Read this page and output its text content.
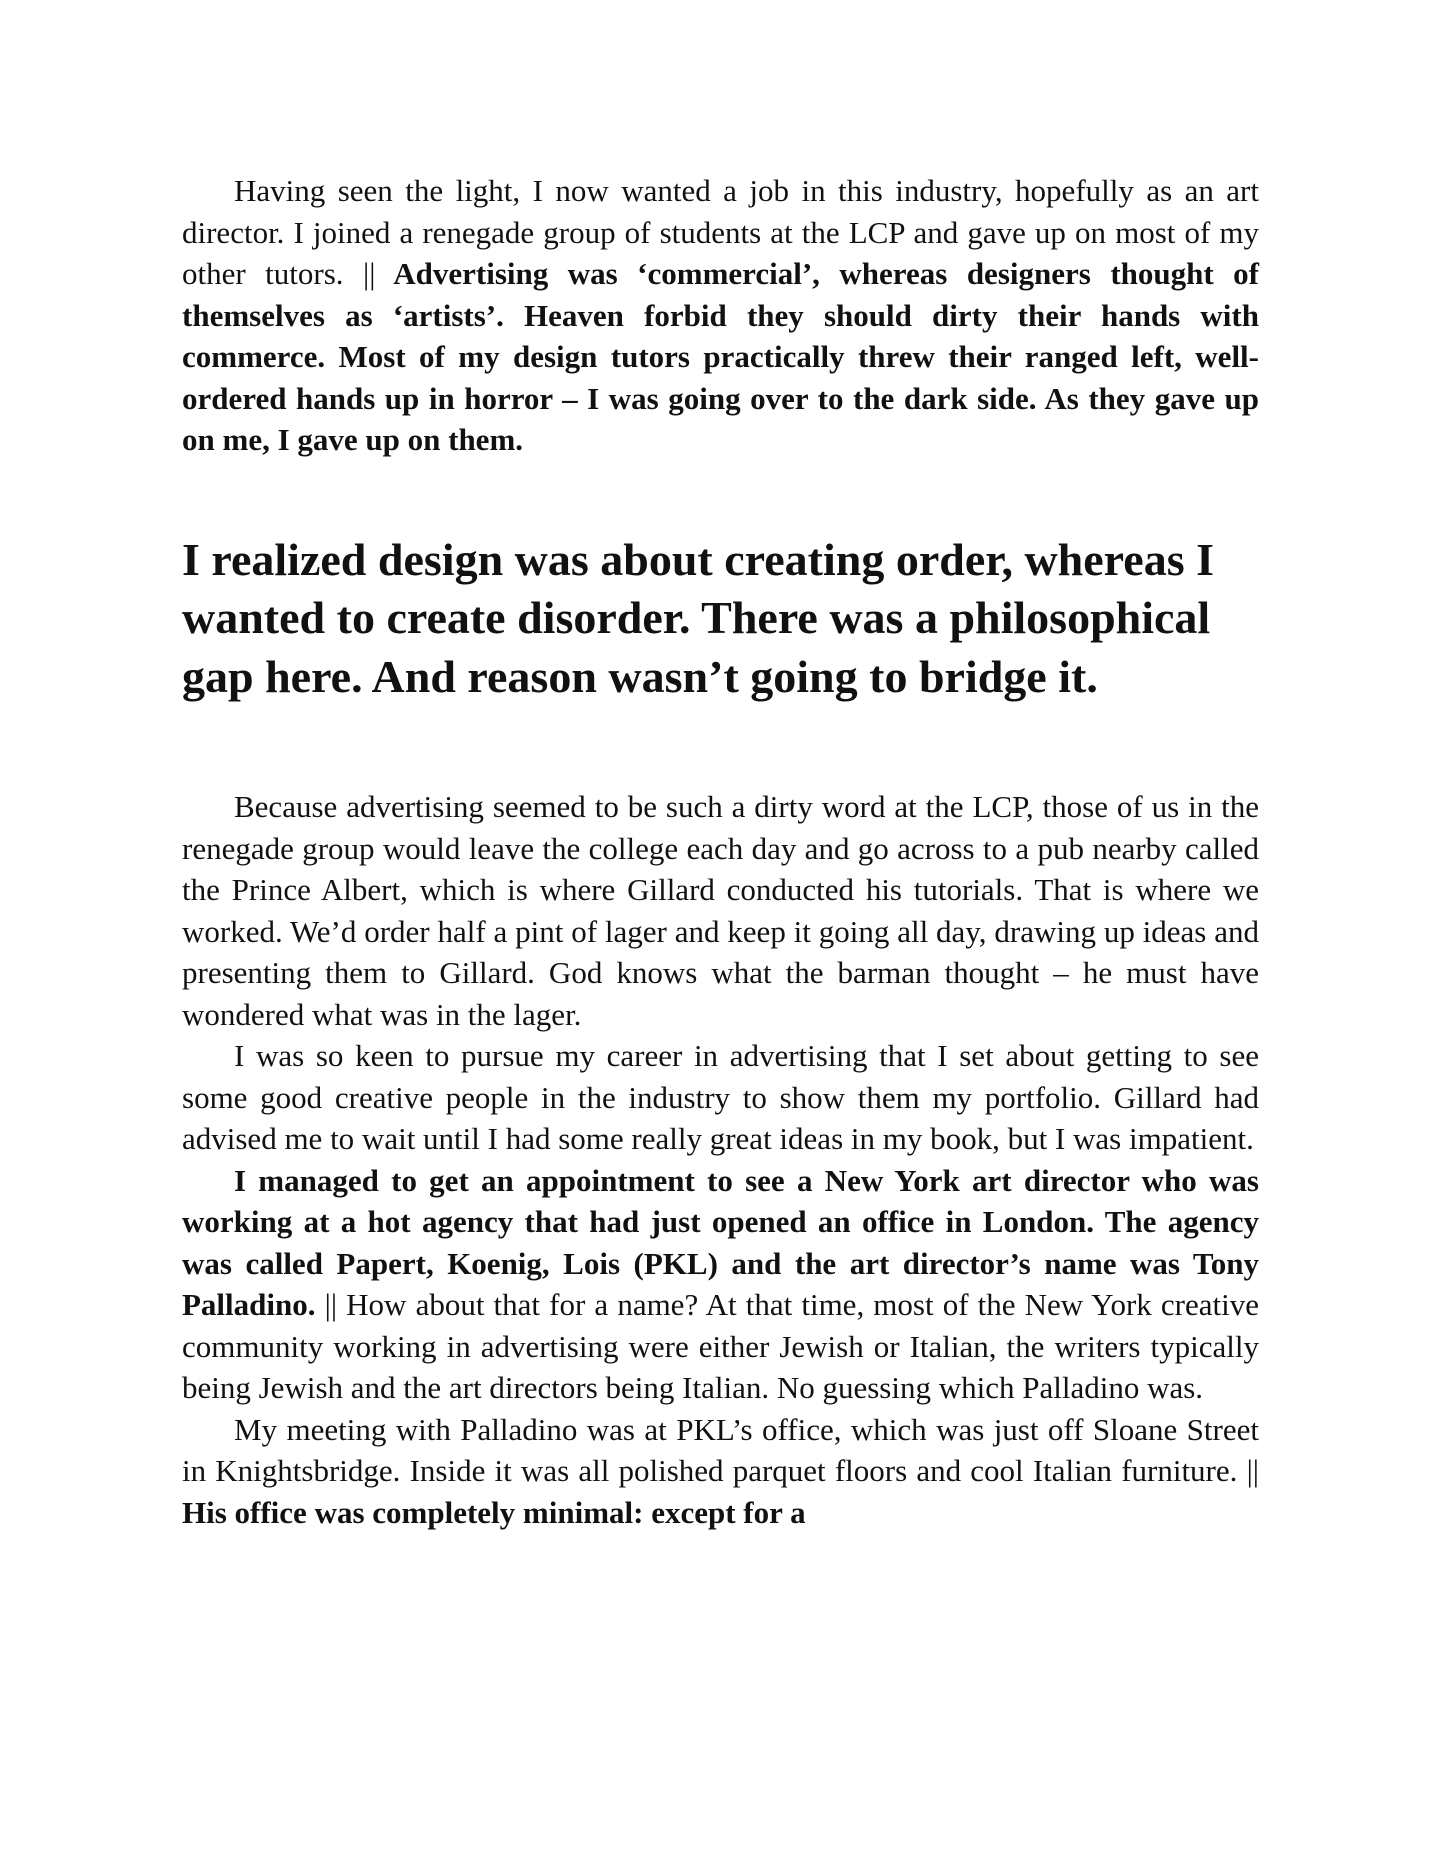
Having seen the light, I now wanted a job in this industry, hopefully as an art director. I joined a renegade group of students at the LCP and gave up on most of my other tutors. || Advertising was ‘commercial’, whereas designers thought of themselves as ‘artists’. Heaven forbid they should dirty their hands with commerce. Most of my design tutors practically threw their ranged left, well-ordered hands up in horror – I was going over to the dark side. As they gave up on me, I gave up on them.

I realized design was about creating order, whereas I wanted to create disorder. There was a philosophical gap here. And reason wasn’t going to bridge it.

Because advertising seemed to be such a dirty word at the LCP, those of us in the renegade group would leave the college each day and go across to a pub nearby called the Prince Albert, which is where Gillard conducted his tutorials. That is where we worked. We’d order half a pint of lager and keep it going all day, drawing up ideas and presenting them to Gillard. God knows what the barman thought – he must have wondered what was in the lager.

I was so keen to pursue my career in advertising that I set about getting to see some good creative people in the industry to show them my portfolio. Gillard had advised me to wait until I had some really great ideas in my book, but I was impatient.

I managed to get an appointment to see a New York art director who was working at a hot agency that had just opened an office in London. The agency was called Papert, Koenig, Lois (PKL) and the art director’s name was Tony Palladino. || How about that for a name? At that time, most of the New York creative community working in advertising were either Jewish or Italian, the writers typically being Jewish and the art directors being Italian. No guessing which Palladino was.

My meeting with Palladino was at PKL’s office, which was just off Sloane Street in Knightsbridge. Inside it was all polished parquet floors and cool Italian furniture. || His office was completely minimal: except for a
